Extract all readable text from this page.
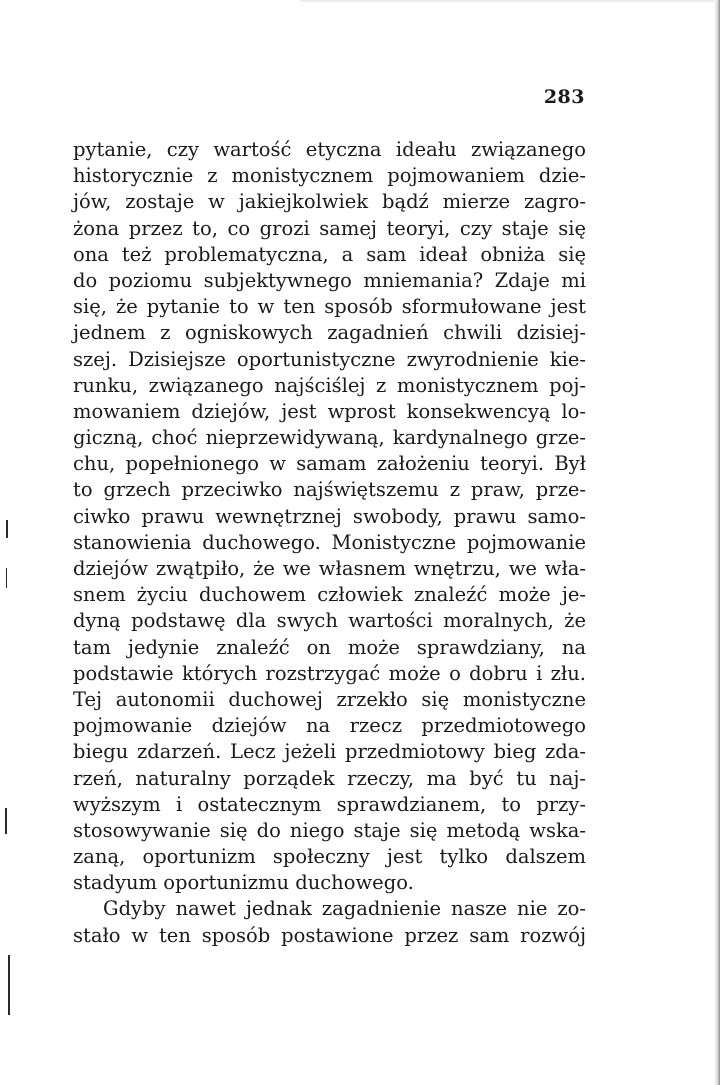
283
pytanie, czy wartość etyczna ideału związanego
historycznie z monistycznem pojmowaniem dzie-
jów, zostaje w jakiejkolwiek bądź mierze zagro-
żona przez to, co grozi samej teoryi, czy staje się
ona też problematyczna, a sam ideał obniża się
do poziomu subjektywnego mniemania? Zdaje mi
się, że pytanie to w ten sposób sformułowane jest
jednem z ogniskowych zagadnień chwili dzisiej-
szej. Dzisiejsze oportunistyczne zwyrodnienie kie-
runku, związanego najściślej z monistycznem poj-
mowaniem dziejów, jest wprost konsekwencyą lo-
giczną, choć nieprzewidywaną, kardynalnego grze-
chu, popełnionego w samam założeniu teoryi. Był
to grzech przeciwko najświętszemu z praw, prze-
ciwko prawu wewnętrznej swobody, prawu samo-
stanowienia duchowego. Monistyczne pojmowanie
dziejów zwątpiło, że we własnem wnętrzu, we wła-
snem życiu duchowem człowiek znaleźć może je-
dyną podstawę dla swych wartości moralnych, że
tam jedynie znaleźć on może sprawdziany, na
podstawie których rozstrzygać może o dobru i złu.
Tej autonomii duchowej zrzekło się monistyczne
pojmowanie dziejów na rzecz przedmiotowego
biegu zdarzeń. Lecz jeżeli przedmiotowy bieg zda-
rzeń, naturalny porządek rzeczy, ma być tu naj-
wyższym i ostatecznym sprawdzianem, to przy-
stosowywanie się do niego staje się metodą wska-
zaną, oportunizm społeczny jest tylko dalszem
stadyum oportunizmu duchowego.
Gdyby nawet jednak zagadnienie nasze nie zo-
stało w ten sposób postawione przez sam rozwój
